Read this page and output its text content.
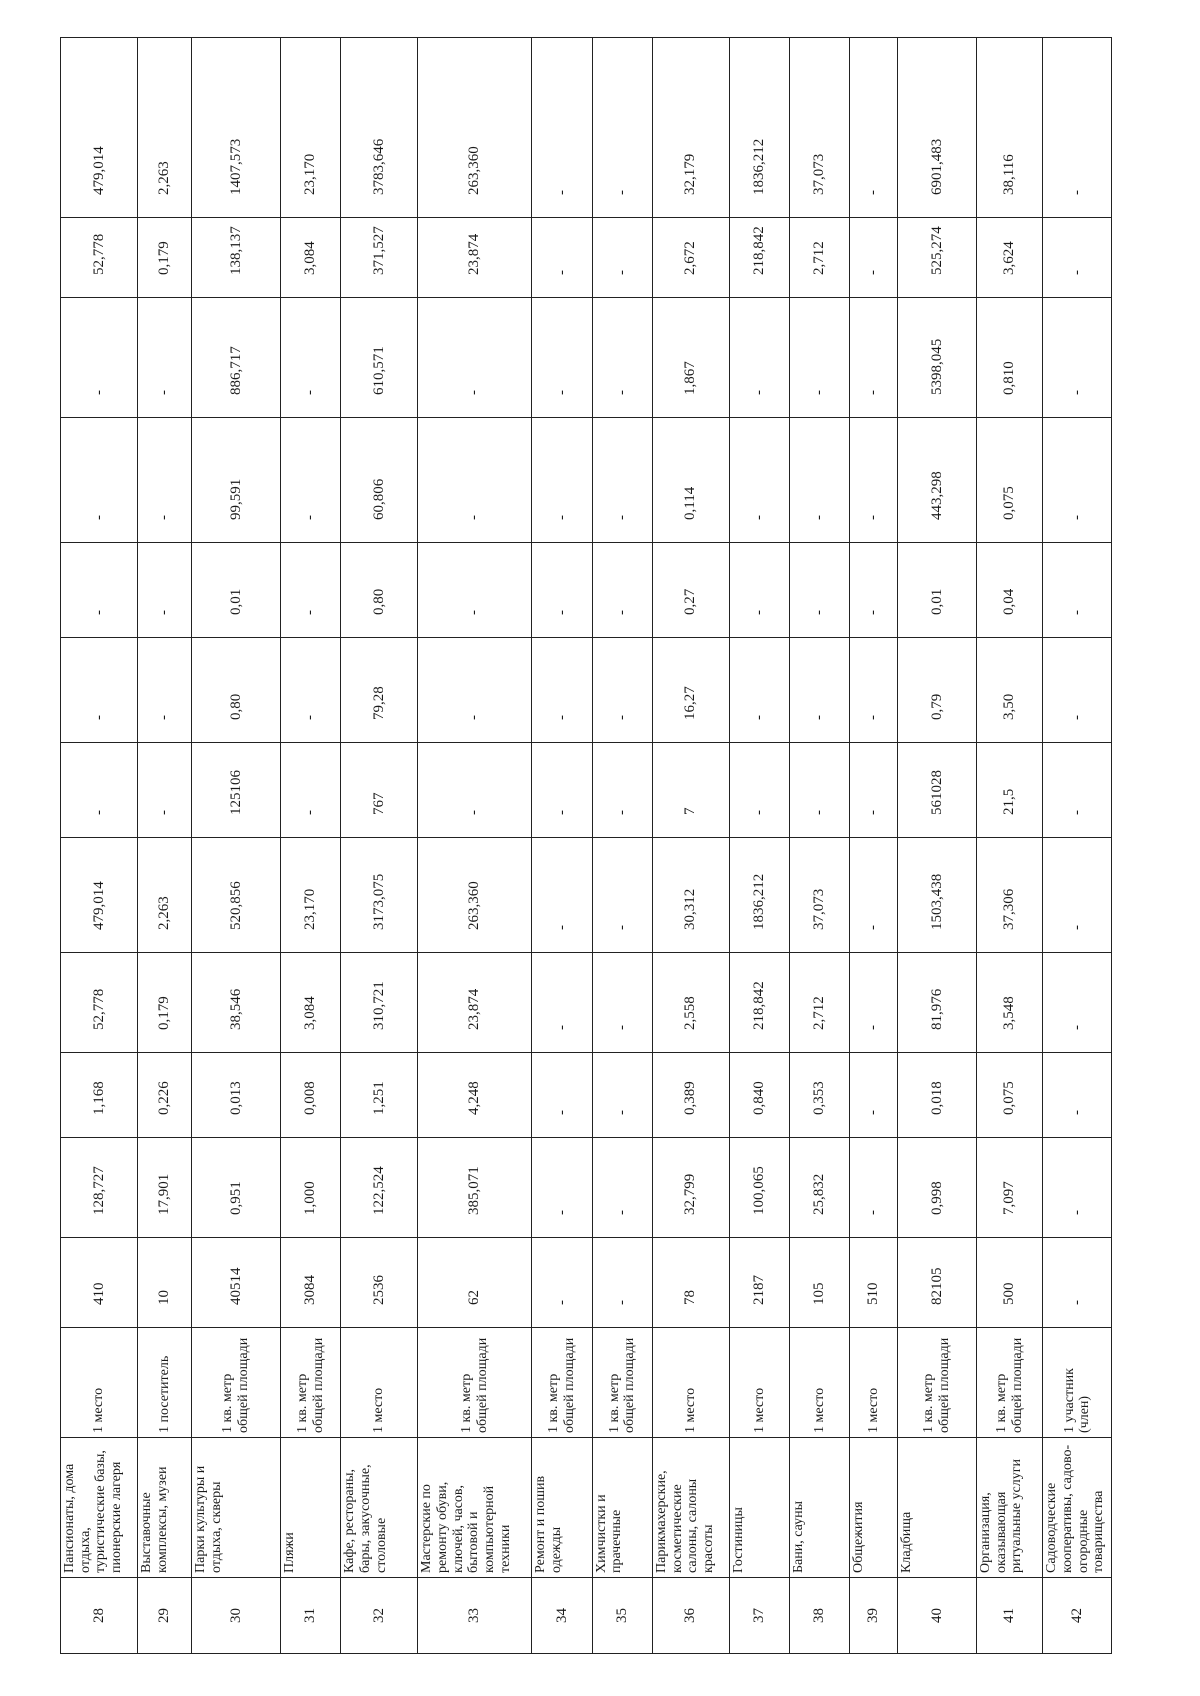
28	Пансионаты, дома отдыха, туристические базы, пионерские лагеря	1 место	410	128,727	1,168	52,778	479,014	-	-	-	-	-	52,778	479,014
29	Выставочные комплексы, музеи	1 посетитель	10	17,901	0,226	0,179	2,263	-	-	-	-	-	0,179	2,263
30	Парки культуры и отдыха, скверы	1 кв. метр общей площади	40514	0,951	0,013	38,546	520,856	125106	0,80	0,01	99,591	886,717	138,137	1407,573
31	Пляжи	1 кв. метр общей площади	3084	1,000	0,008	3,084	23,170	-	-	-	-	-	3,084	23,170
32	Кафе, рестораны, бары, закусочные, столовые	1 место	2536	122,524	1,251	310,721	3173,075	767	79,28	0,80	60,806	610,571	371,527	3783,646
33	Мастерские по ремонту обуви, ключей, часов, бытовой и компьютерной техники	1 кв. метр общей площади	62	385,071	4,248	23,874	263,360	-	-	-	-	-	23,874	263,360
34	Ремонт и пошив одежды	1 кв. метр общей площади	-	-	-	-	-	-	-	-	-	-	-	-
35	Химчистки и прачечные	1 кв. метр общей площади	-	-	-	-	-	-	-	-	-	-	-	-
36	Парикмахерские, косметические салоны, салоны красоты	1 место	78	32,799	0,389	2,558	30,312	7	16,27	0,27	0,114	1,867	2,672	32,179
37	Гостиницы	1 место	2187	100,065	0,840	218,842	1836,212	-	-	-	-	-	218,842	1836,212
38	Бани, сауны	1 место	105	25,832	0,353	2,712	37,073	-	-	-	-	-	2,712	37,073
39	Общежития	1 место	510	-	-	-	-	-	-	-	-	-	-	-
40	Кладбища	1 кв. метр общей площади	82105	0,998	0,018	81,976	1503,438	561028	0,79	0,01	443,298	5398,045	525,274	6901,483
41	Организация, оказывающая ритуальные услуги	1 кв. метр общей площади	500	7,097	0,075	3,548	37,306	21,5	3,50	0,04	0,075	0,810	3,624	38,116
42	Садоводческие кооперативы, садово-огородные товарищества	1 участник (член)	-	-	-	-	-	-	-	-	-	-	-	-
